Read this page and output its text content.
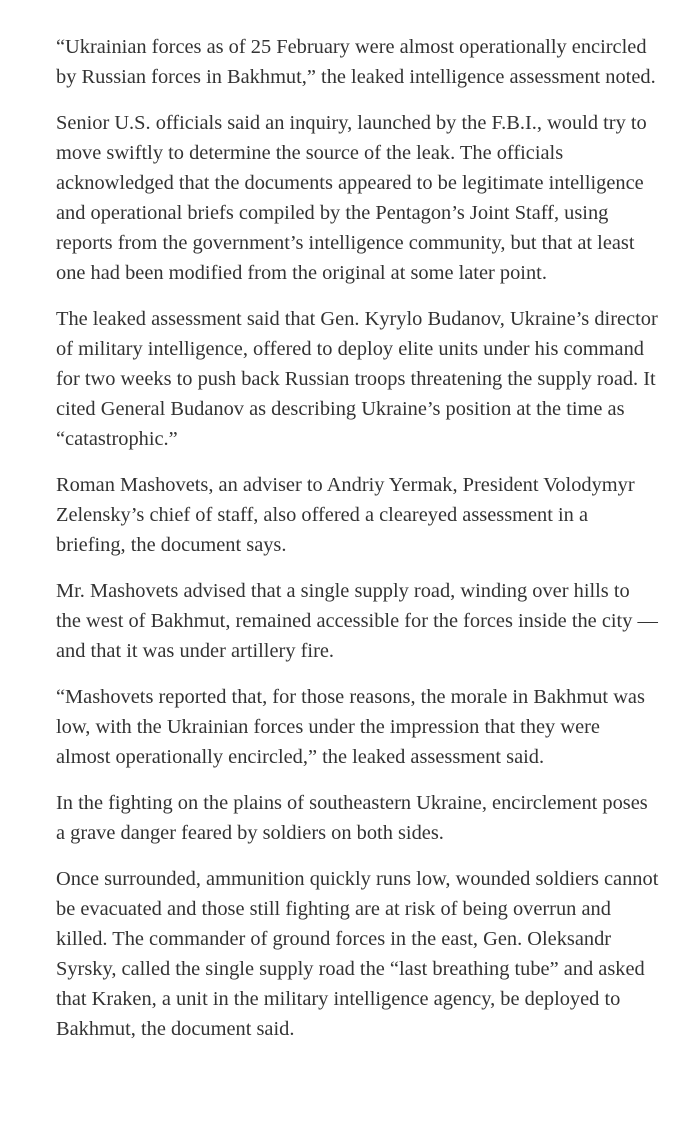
“Ukrainian forces as of 25 February were almost operationally encircled by Russian forces in Bakhmut,” the leaked intelligence assessment noted.

Senior U.S. officials said an inquiry, launched by the F.B.I., would try to move swiftly to determine the source of the leak. The officials acknowledged that the documents appeared to be legitimate intelligence and operational briefs compiled by the Pentagon’s Joint Staff, using reports from the government’s intelligence community, but that at least one had been modified from the original at some later point.

The leaked assessment said that Gen. Kyrylo Budanov, Ukraine’s director of military intelligence, offered to deploy elite units under his command for two weeks to push back Russian troops threatening the supply road. It cited General Budanov as describing Ukraine’s position at the time as “catastrophic.”

Roman Mashovets, an adviser to Andriy Yermak, President Volodymyr Zelensky’s chief of staff, also offered a cleareyed assessment in a briefing, the document says.

Mr. Mashovets advised that a single supply road, winding over hills to the west of Bakhmut, remained accessible for the forces inside the city — and that it was under artillery fire.

“Mashovets reported that, for those reasons, the morale in Bakhmut was low, with the Ukrainian forces under the impression that they were almost operationally encircled,” the leaked assessment said.

In the fighting on the plains of southeastern Ukraine, encirclement poses a grave danger feared by soldiers on both sides.

Once surrounded, ammunition quickly runs low, wounded soldiers cannot be evacuated and those still fighting are at risk of being overrun and killed. The commander of ground forces in the east, Gen. Oleksandr Syrsky, called the single supply road the “last breathing tube” and asked that Kraken, a unit in the military intelligence agency, be deployed to Bakhmut, the document said.
